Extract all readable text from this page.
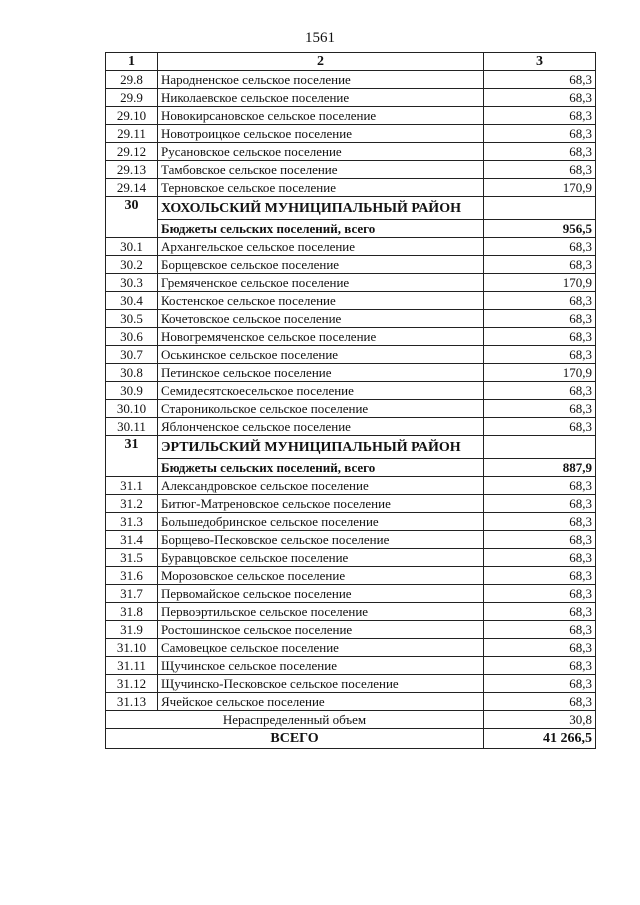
1561
1	2	3
29.8	Народненское сельское поселение	68,3
29.9	Николаевское сельское поселение	68,3
29.10	Новокирсановское сельское поселение	68,3
29.11	Новотроицкое сельское поселение	68,3
29.12	Русановское сельское поселение	68,3
29.13	Тамбовское сельское поселение	68,3
29.14	Терновское сельское поселение	170,9
30	ХОХОЛЬСКИЙ МУНИЦИПАЛЬНЫЙ РАЙОН	
	Бюджеты сельских поселений, всего	956,5
30.1	Архангельское сельское поселение	68,3
30.2	Борщевское сельское поселение	68,3
30.3	Гремяченское сельское поселение	170,9
30.4	Костенское сельское поселение	68,3
30.5	Кочетовское сельское поселение	68,3
30.6	Новогремяченское сельское поселение	68,3
30.7	Оськинское сельское поселение	68,3
30.8	Петинское сельское поселение	170,9
30.9	Семидесятскоесельское поселение	68,3
30.10	Староникольское сельское поселение	68,3
30.11	Яблонченское сельское поселение	68,3
31	ЭРТИЛЬСКИЙ МУНИЦИПАЛЬНЫЙ РАЙОН	
	Бюджеты сельских поселений, всего	887,9
31.1	Александровское сельское поселение	68,3
31.2	Битюг-Матреновское сельское поселение	68,3
31.3	Большедобринское сельское поселение	68,3
31.4	Борщево-Песковское сельское поселение	68,3
31.5	Буравцовское сельское поселение	68,3
31.6	Морозовское сельское поселение	68,3
31.7	Первомайское сельское поселение	68,3
31.8	Первоэртильское сельское поселение	68,3
31.9	Ростошинское сельское поселение	68,3
31.10	Самовецкое сельское поселение	68,3
31.11	Щучинское сельское поселение	68,3
31.12	Щучинско-Песковское сельское поселение	68,3
31.13	Ячейское сельское поселение	68,3
Нераспределенный объем		30,8
ВСЕГО		41 266,5
